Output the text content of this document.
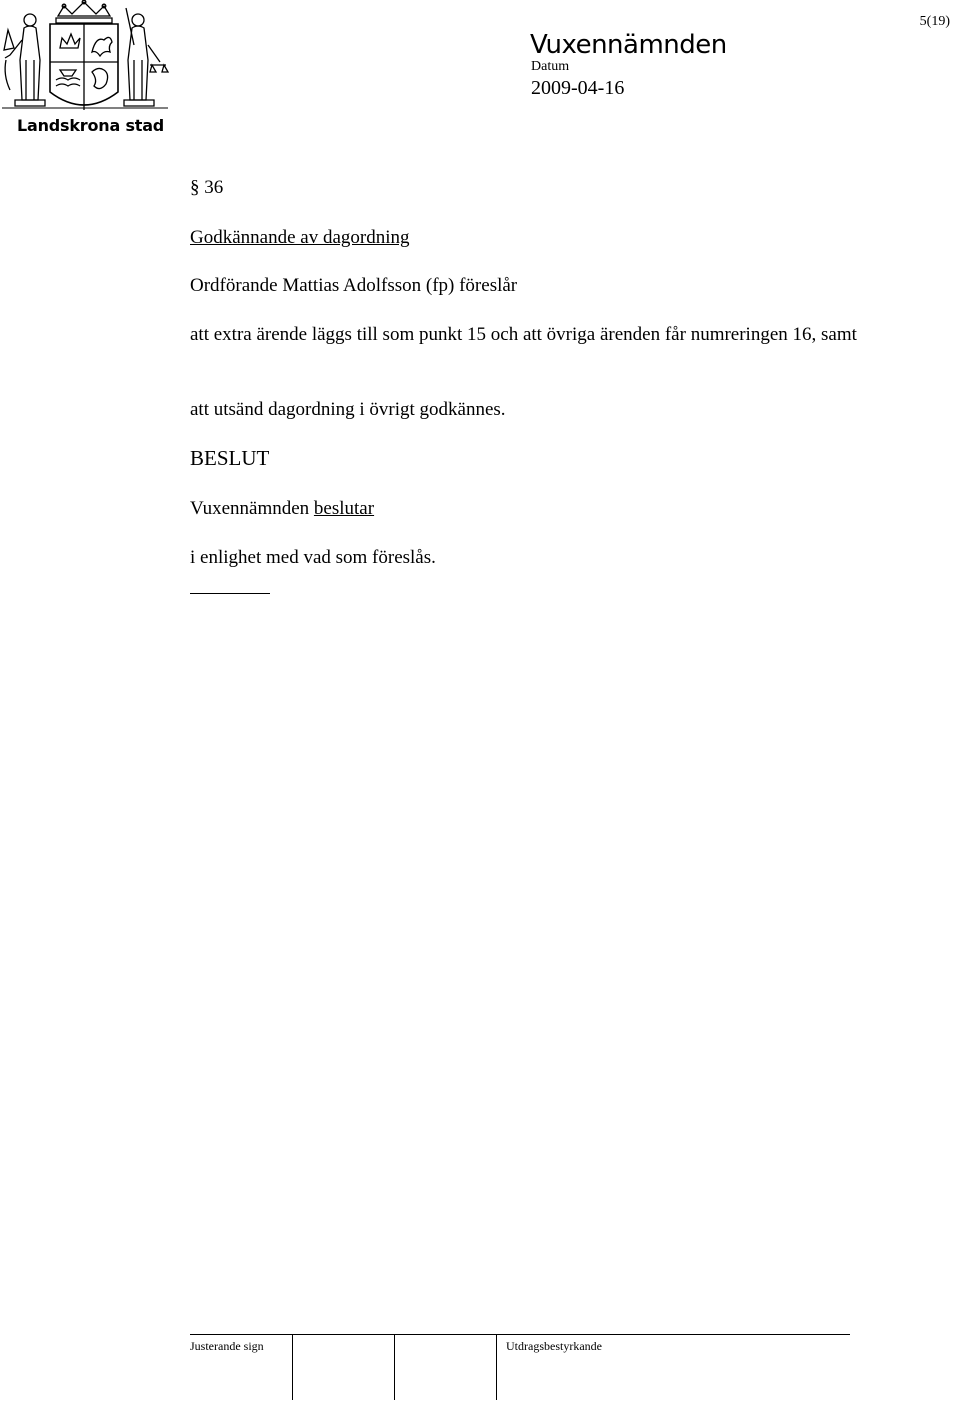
5(19)
Landskrona stad
Vuxennämnden
Datum
2009-04-16
§ 36
Godkännande av dagordning
Ordförande Mattias Adolfsson (fp) föreslår
att extra ärende läggs till som punkt 15 och att övriga ärenden får numreringen 16, samt
att utsänd dagordning i övrigt godkännes.
BESLUT
Vuxennämnden beslutar
i enlighet med vad som föreslås.
Justerande sign	Utdragsbestyrkande
